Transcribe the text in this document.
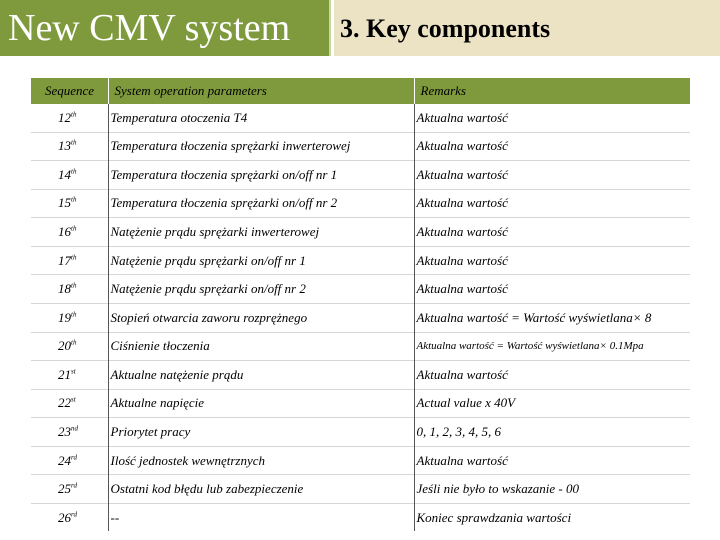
New CMV system	3. Key components
Sequence	System operation parameters	Remarks
12th	Temperatura otoczenia T4	Aktualna wartość
13th	Temperatura tłoczenia sprężarki inwerterowej	Aktualna wartość
14th	Temperatura tłoczenia sprężarki on/off nr 1	Aktualna wartość
15th	Temperatura tłoczenia sprężarki on/off nr 2	Aktualna wartość
16th	Natężenie prądu sprężarki inwerterowej	Aktualna wartość
17th	Natężenie prądu sprężarki on/off nr 1	Aktualna wartość
18th	Natężenie prądu sprężarki on/off nr 2	Aktualna wartość
19th	Stopień otwarcia zaworu rozprężnego	Aktualna wartość = Wartość wyświetlana× 8
20th	Ciśnienie tłoczenia	Aktualna wartość = Wartość wyświetlana× 0.1Mpa
21st	Aktualne natężenie prądu	Aktualna wartość
22st	Aktualne napięcie	Actual value x 40V
23nd	Priorytet pracy	0, 1, 2, 3, 4, 5, 6
24rd	Ilość jednostek wewnętrznych	Aktualna wartość
25rd	Ostatni kod błędu lub zabezpieczenie	Jeśli nie było to wskazanie - 00
26rd	--	Koniec sprawdzania wartości
